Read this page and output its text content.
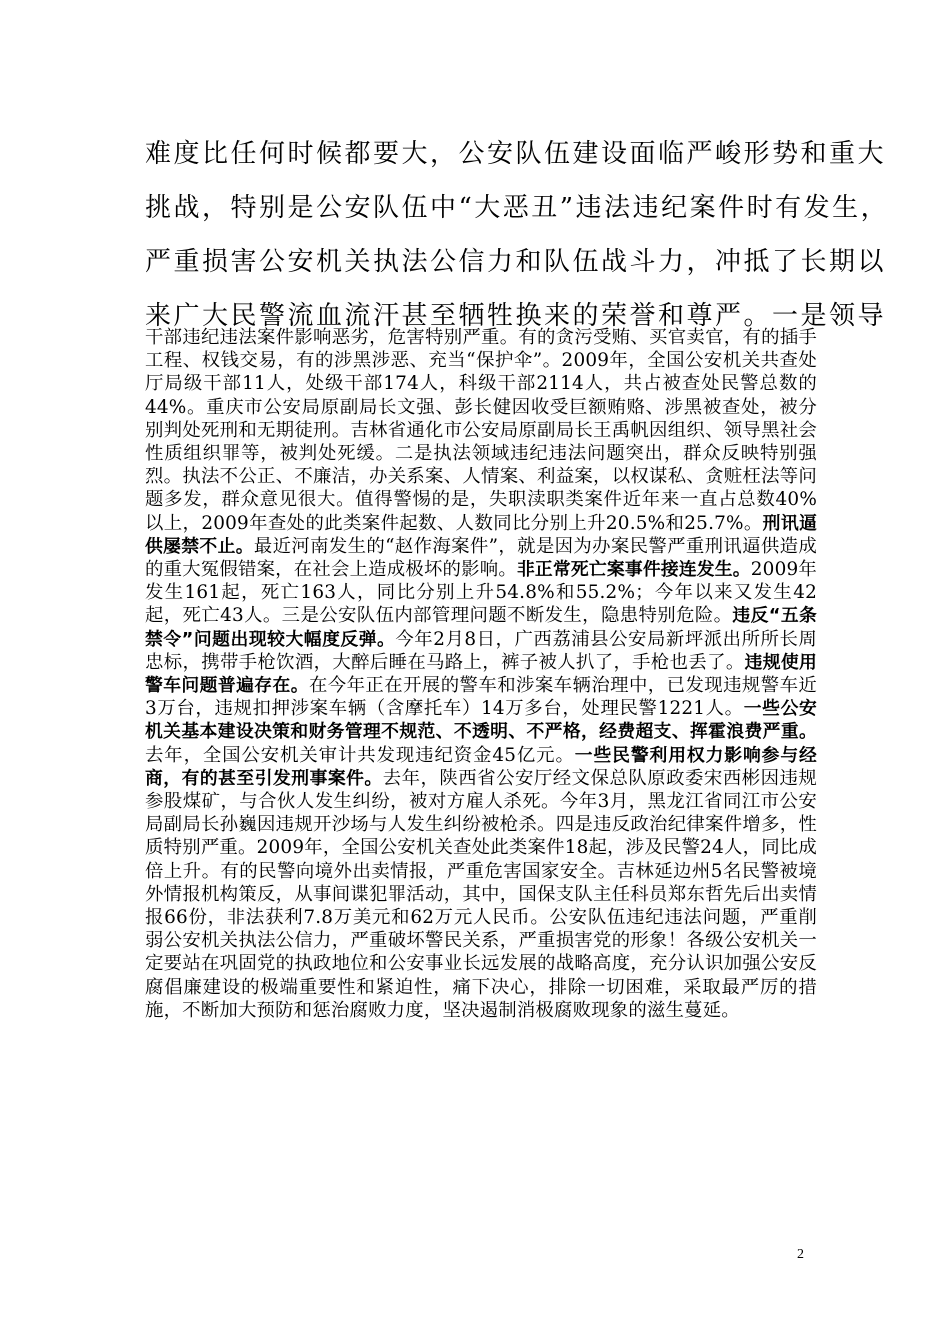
难度比任何时候都要大，公安队伍建设面临严峻形势和重大
挑战，特别是公安队伍中“大恶丑”违法违纪案件时有发生，
严重损害公安机关执法公信力和队伍战斗力，冲抵了长期以
来广大民警流血流汗甚至牺牲换来的荣誉和尊严。一是领导
干部违纪违法案件影响恶劣，危害特别严重。有的贪污受贿、买官卖官，有的插手工程、权钱交易，有的涉黑涉恶、充当“保护伞”。2009年，全国公安机关共查处厅局级干部11人，处级干部174人，科级干部2114人，共占被查处民警总数的44%。重庆市公安局原副局长文强、彭长健因收受巨额贿赂、涉黑被查处，被分别判处死刑和无期徒刑。吉林省通化市公安局原副局长王禹帆因组织、领导黑社会性质组织罪等，被判处死缓。二是执法领域违纪违法问题突出，群众反映特别强烈。执法不公正、不廉洁，办关系案、人情案、利益案，以权谋私、贪赃枉法等问题多发，群众意见很大。值得警惕的是，失职渎职类案件近年来一直占总数40%以上，2009年查处的此类案件起数、人数同比分别上升20.5%和25.7%。刑讯逼供屡禁不止。最近河南发生的“赵作海案件”，就是因为办案民警严重刑讯逼供造成的重大冤假错案，在社会上造成极坏的影响。非正常死亡案事件接连发生。2009年发生161起，死亡163人，同比分别上升54.8%和55.2%；今年以来又发生42起，死亡43人。三是公安队伍内部管理问题不断发生，隐患特别危险。违反“五条禁令”问题出现较大幅度反弹。今年2月8日，广西荔浦县公安局新坪派出所所长周忠标，携带手枪饮酒，大醉后睡在马路上，裤子被人扒了，手枪也丢了。违规使用警车问题普遍存在。在今年正在开展的警车和涉案车辆治理中，已发现违规警车近3万台，违规扣押涉案车辆（含摩托车）14万多台，处理民警1221人。一些公安机关基本建设决策和财务管理不规范、不透明、不严格，经费超支、挥霍浪费严重。去年，全国公安机关审计共发现违纪资金45亿元。一些民警利用权力影响参与经商，有的甚至引发刑事案件。去年，陕西省公安厅经文保总队原政委宋西彬因违规参股煤矿，与合伙人发生纠纷，被对方雇人杀死。今年3月，黑龙江省同江市公安局副局长孙巍因违规开沙场与人发生纠纷被枪杀。四是违反政治纪律案件增多，性质特别严重。2009年，全国公安机关查处此类案件18起，涉及民警24人，同比成倍上升。有的民警向境外出卖情报，严重危害国家安全。吉林延边州5名民警被境外情报机构策反，从事间谍犯罪活动，其中，国保支队主任科员郑东哲先后出卖情报66份，非法获利7.8万美元和62万元人民币。公安队伍违纪违法问题，严重削弱公安机关执法公信力，严重破坏警民关系，严重损害党的形象！各级公安机关一定要站在巩固党的执政地位和公安事业长远发展的战略高度，充分认识加强公安反腐倡廉建设的极端重要性和紧迫性，痛下决心，排除一切困难，采取最严厉的措施，不断加大预防和惩治腐败力度，坚决遏制消极腐败现象的滋生蔓延。
2
